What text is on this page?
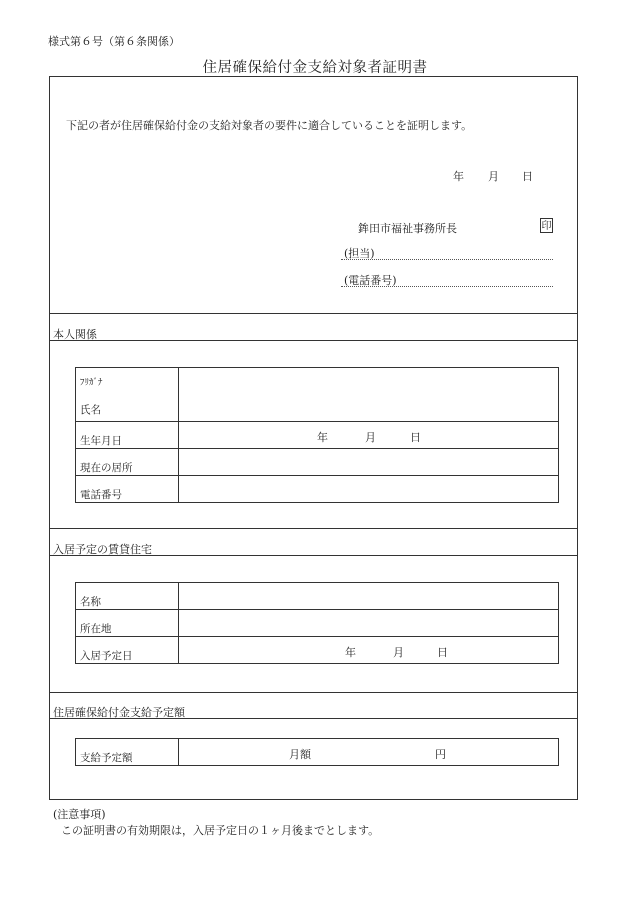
様式第６号（第６条関係）
住居確保給付金支給対象者証明書
下記の者が住居確保給付金の支給対象者の要件に適合していることを証明します。
年 月 日
鉾田市福祉事務所長	印
(担当)
(電話番号)
本人関係
ﾌﾘｶﾞﾅ
氏名	

生年月日	年 月 日

現在の居所	
電話番号	
入居予定の賃貸住宅
名称	
所在地	
入居予定日	年 月 日
住居確保給付金支給予定額
支給予定額	月額	円
(注意事項)
この証明書の有効期限は，入居予定日の１ヶ月後までとします。
